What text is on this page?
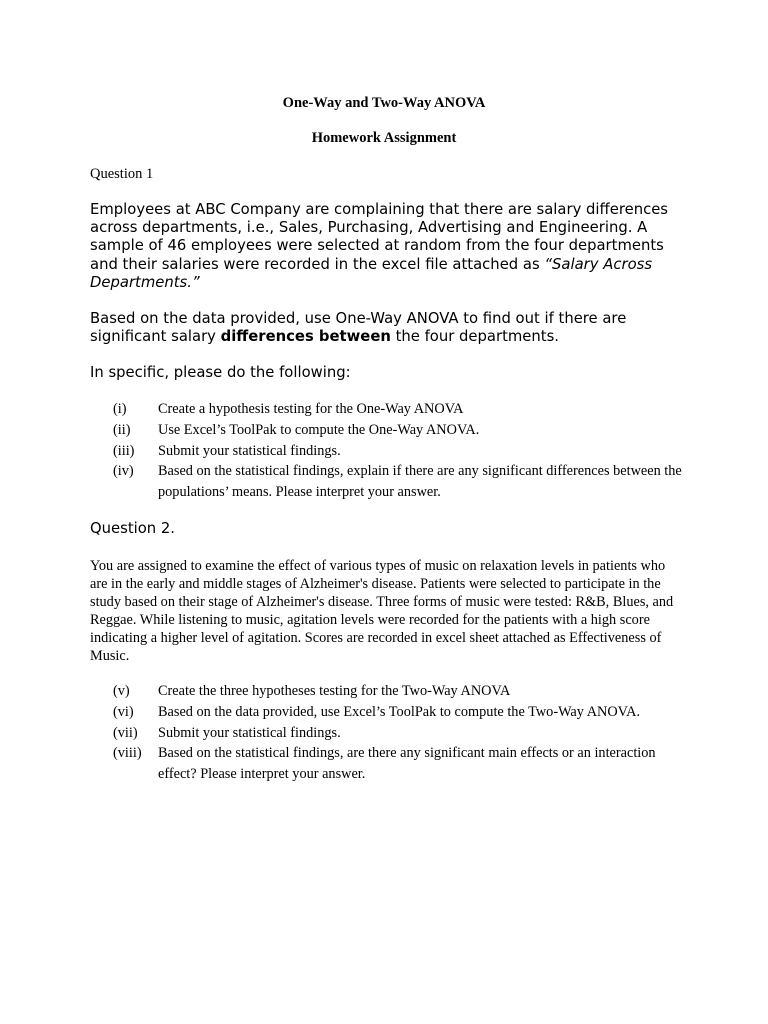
One-Way and Two-Way ANOVA
Homework Assignment
Question 1
Employees at ABC Company are complaining that there are salary differences across departments, i.e., Sales, Purchasing, Advertising and Engineering. A sample of 46 employees were selected at random from the four departments and their salaries were recorded in the excel file attached as “Salary Across Departments.”
Based on the data provided, use One-Way ANOVA to find out if there are significant salary differences between the four departments.
In specific, please do the following:
(i)	Create a hypothesis testing for the One-Way ANOVA
(ii)	Use Excel’s ToolPak to compute the One-Way ANOVA.
(iii)	Submit your statistical findings.
(iv)	Based on the statistical findings, explain if there are any significant differences between the populations’ means. Please interpret your answer.
Question 2.
You are assigned to examine the effect of various types of music on relaxation levels in patients who are in the early and middle stages of Alzheimer's disease. Patients were selected to participate in the study based on their stage of Alzheimer's disease. Three forms of music were tested: R&B, Blues, and Reggae. While listening to music, agitation levels were recorded for the patients with a high score indicating a higher level of agitation. Scores are recorded in excel sheet attached as Effectiveness of Music.
(v)	Create the three hypotheses testing for the Two-Way ANOVA
(vi)	Based on the data provided, use Excel’s ToolPak to compute the Two-Way ANOVA.
(vii)	Submit your statistical findings.
(viii)	Based on the statistical findings, are there any significant main effects or an interaction effect? Please interpret your answer.
